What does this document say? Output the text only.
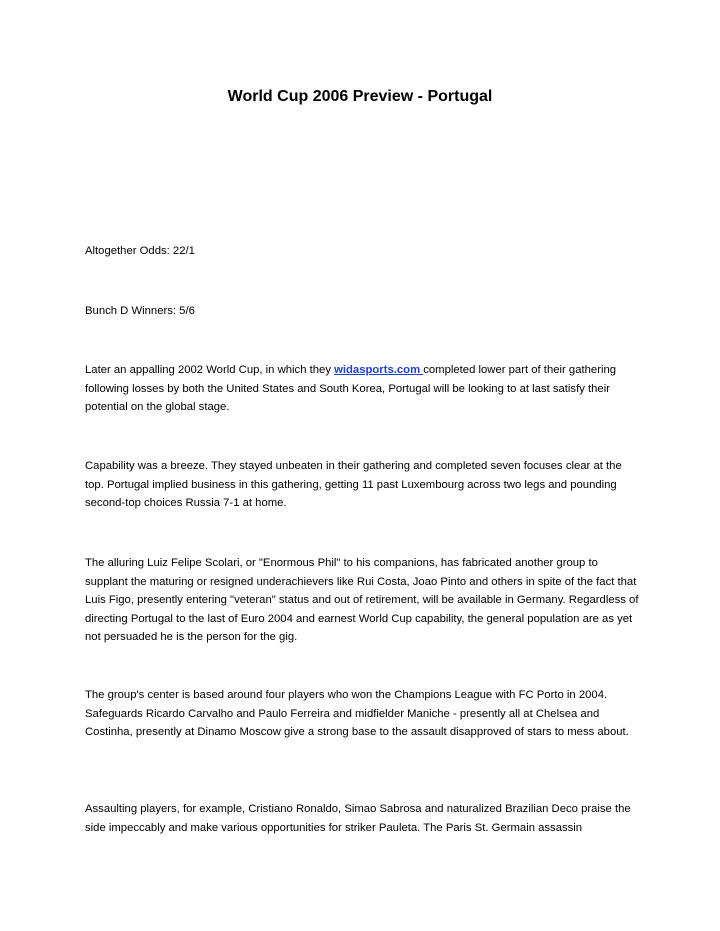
World Cup 2006 Preview - Portugal

Altogether Odds: 22/1

Bunch D Winners: 5/6

Later an appalling 2002 World Cup, in which they widasports.com completed lower part of their gathering following losses by both the United States and South Korea, Portugal will be looking to at last satisfy their potential on the global stage.

Capability was a breeze. They stayed unbeaten in their gathering and completed seven focuses clear at the top. Portugal implied business in this gathering, getting 11 past Luxembourg across two legs and pounding second-top choices Russia 7-1 at home.

The alluring Luiz Felipe Scolari, or "Enormous Phil" to his companions, has fabricated another group to supplant the maturing or resigned underachievers like Rui Costa, Joao Pinto and others in spite of the fact that Luis Figo, presently entering "veteran" status and out of retirement, will be available in Germany. Regardless of directing Portugal to the last of Euro 2004 and earnest World Cup capability, the general population are as yet not persuaded he is the person for the gig.

The group's center is based around four players who won the Champions League with FC Porto in 2004. Safeguards Ricardo Carvalho and Paulo Ferreira and midfielder Maniche - presently all at Chelsea and Costinha, presently at Dinamo Moscow give a strong base to the assault disapproved of stars to mess about.

Assaulting players, for example, Cristiano Ronaldo, Simao Sabrosa and naturalized Brazilian Deco praise the side impeccably and make various opportunities for striker Pauleta. The Paris St. Germain assassin
